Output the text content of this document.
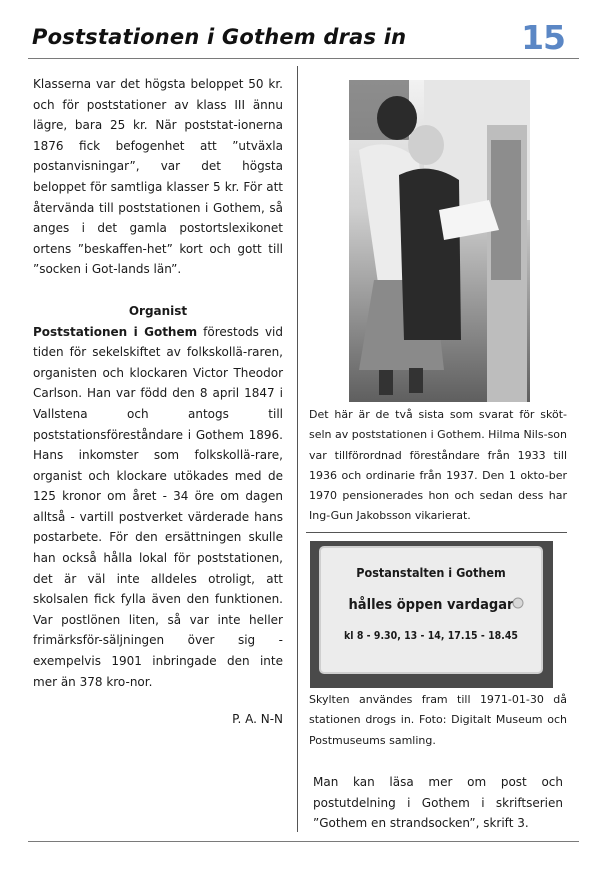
Poststationen i Gothem dras in	15

Klasserna var det högsta beloppet 50 kr. och för poststationer av klass III ännu lägre, bara 25 kr. När poststat-ionerna 1876 fick befogenhet att ”utväxla postanvisningar”, var det högsta beloppet för samtliga klasser 5 kr. För att återvända till poststationen i Gothem, så anges i det gamla postortslexikonet ortens ”beskaffen-het” kort och gott till ”socken i Got-lands län”.

Organist

Poststationen i Gothem förestods vid tiden för sekelskiftet av folkskollä-raren, organisten och klockaren Victor Theodor Carlson. Han var född den 8 april 1847 i Vallstena och antogs till poststationsföreståndare i Gothem 1896. Hans inkomster som folkskollä-rare, organist och klockare utökades med de 125 kronor om året - 34 öre om dagen alltså - vartill postverket värderade hans postarbete. För den ersättningen skulle han också hålla lokal för poststationen, det är väl inte alldeles otroligt, att skolsalen fick fylla även den funktionen. Var postlönen liten, så var inte heller frimärksför-säljningen över sig - exempelvis 1901 inbringade den inte mer än 378 kro-nor.

P. A. N-N
Det här är de två sista som svarat för sköt-seln av poststationen i Gothem. Hilma Nils-son var tillförordnad föreståndare från 1933 till 1936 och ordinarie från 1937. Den 1 okto-ber 1970 pensionerades hon och sedan dess har Ing-Gun Jakobsson vikarierat.
Postanstalten i Gothem
hålles öppen vardagar
kl 8 - 9.30, 13 - 14, 17.15 - 18.45
Skylten användes fram till 1971-01-30 då stationen drogs in. Foto: Digitalt Museum och Postmuseums samling.
Man kan läsa mer om post och postutdelning i Gothem i skriftserien ”Gothem en strandsocken”, skrift 3.
